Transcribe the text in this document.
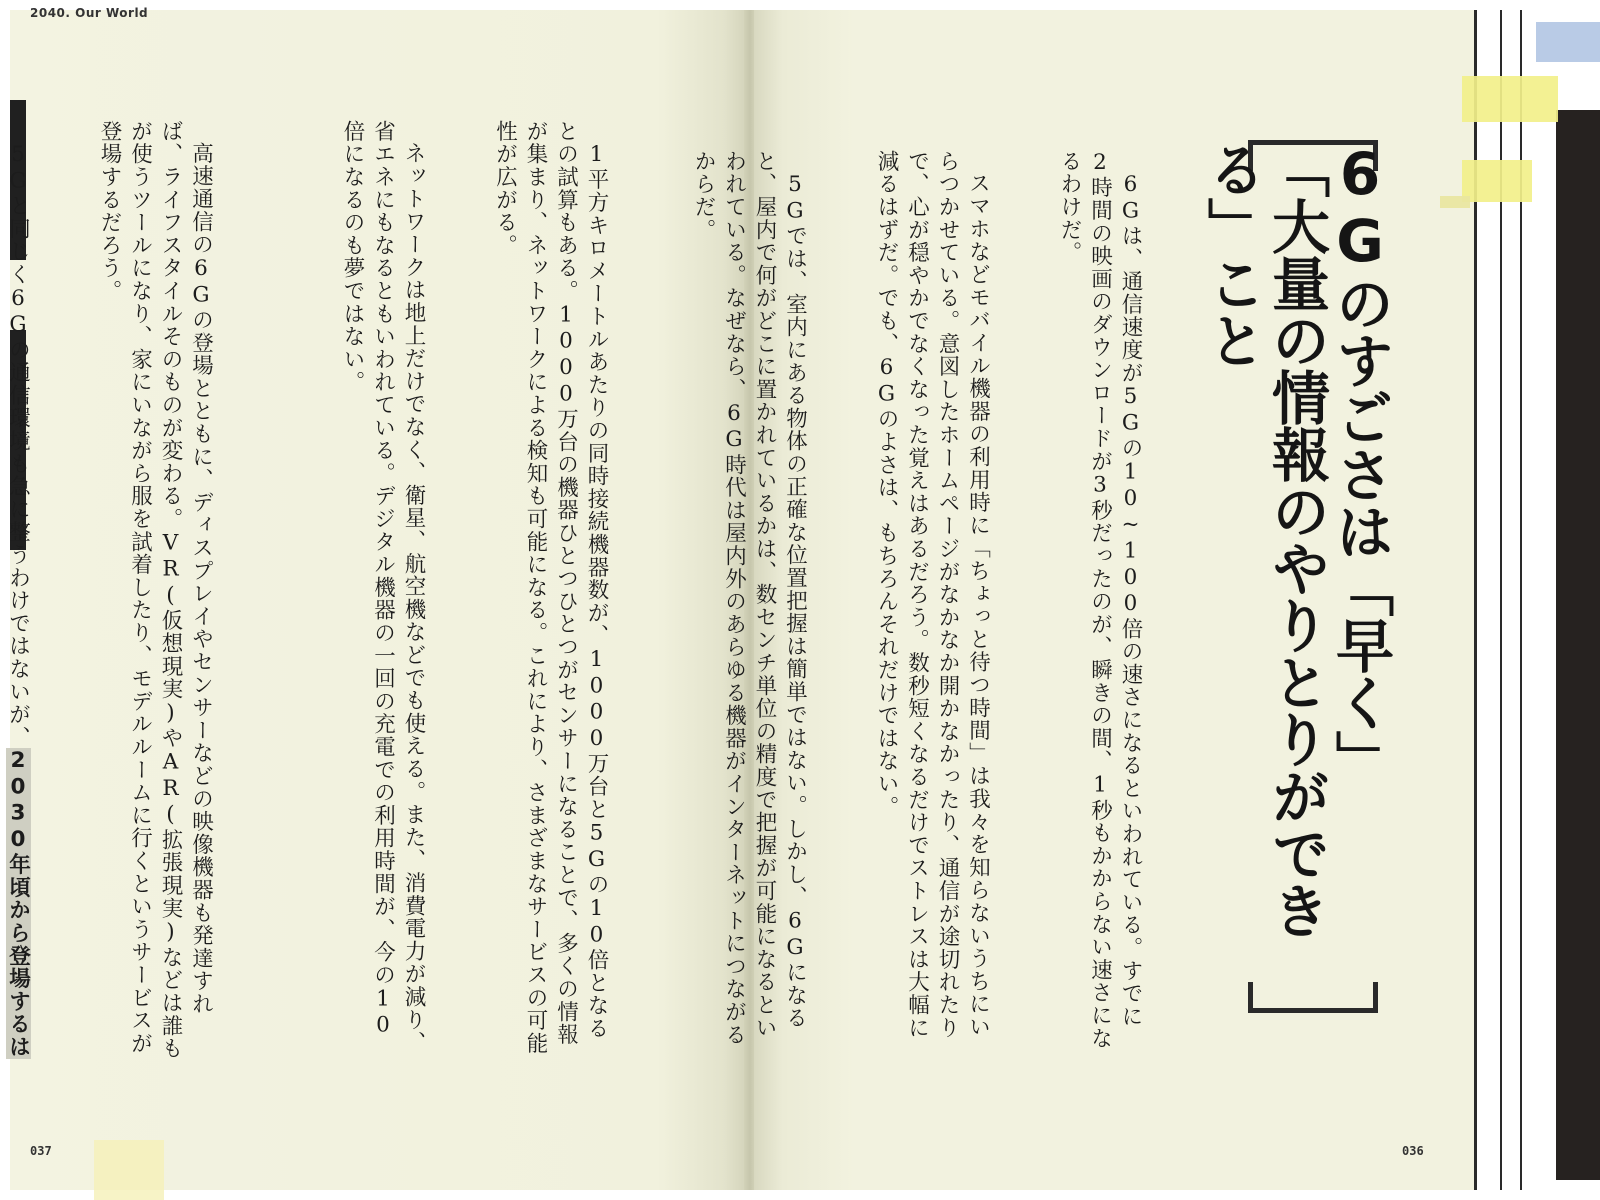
2040. Our World

1平方キロメートルあたりの同時接続機器数が、1000万台と5Gの10倍となるとの試算もある。1000万台の機器ひとつひとつがセンサーになることで、多くの情報が集まり、ネットワークによる検知も可能になる。これにより、さまざまなサービスの可能性が広がる。

ネットワークは地上だけでなく、衛星、航空機などでも使える。また、消費電力が減り、省エネにもなるともいわれている。デジタル機器の一回の充電での利用時間が、今の10倍になるのも夢ではない。

高速通信の6Gの登場とともに、ディスプレイやセンサーなどの映像機器も発達すれば、ライフスタイルそのものが変わる。VR(仮想現実)やAR(拡張現実)などは誰もが使うツールになり、家にいながら服を試着したり、モデルルームに行くというサービスが登場するだろう。

5Gと同じく6Gの通信環境も急に整うわけではないが、2030年頃から登場するは

037
6Gのすごさは「早く」
「大量の情報のやりとりができる」こと

6Gは、通信速度が5Gの10~100倍の速さになるといわれている。すでに2時間の映画のダウンロードが3秒だったのが、瞬きの間、1秒もかからない速さになるわけだ。

スマホなどモバイル機器の利用時に「ちょっと待つ時間」は我々を知らないうちにいらつかせている。意図したホームページがなかなか開かなかったり、通信が途切れたりで、心が穏やかでなくなった覚えはあるだろう。数秒短くなるだけでストレスは大幅に減るはずだ。でも、6Gのよさは、もちろんそれだけではない。

5Gでは、室内にある物体の正確な位置把握は簡単ではない。しかし、6Gになると、屋内で何がどこに置かれているかは、数センチ単位の精度で把握が可能になるといわれている。なぜなら、6G時代は屋内外のあらゆる機器がインターネットにつながるからだ。

036
